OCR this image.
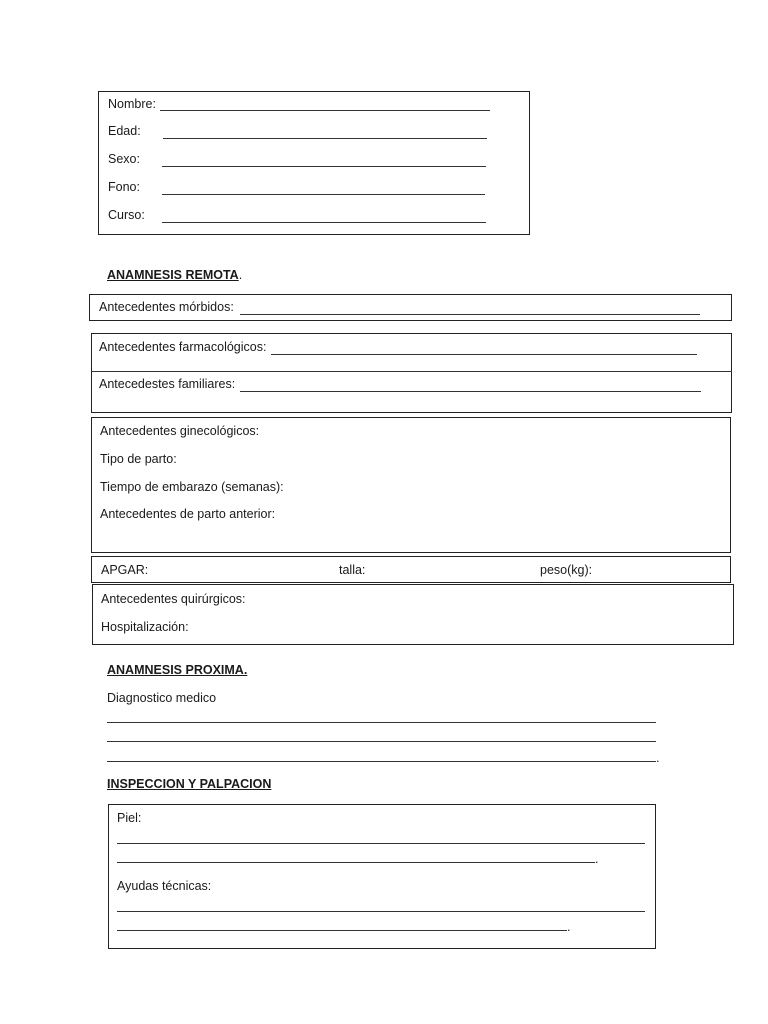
Nombre:
Edad:
Sexo:
Fono:
Curso:
ANAMNESIS REMOTA.
Antecedentes mórbidos:
Antecedentes farmacológicos:
Antecedestes familiares:
Antecedentes ginecológicos:
Tipo de parto:
Tiempo de embarazo (semanas):
Antecedentes de parto anterior:
APGAR:	talla:	peso(kg):
Antecedentes quirúrgicos:
Hospitalización:
ANAMNESIS PROXIMA.
Diagnostico medico
.
INSPECCION Y PALPACION
Piel:
.
Ayudas técnicas:
.
